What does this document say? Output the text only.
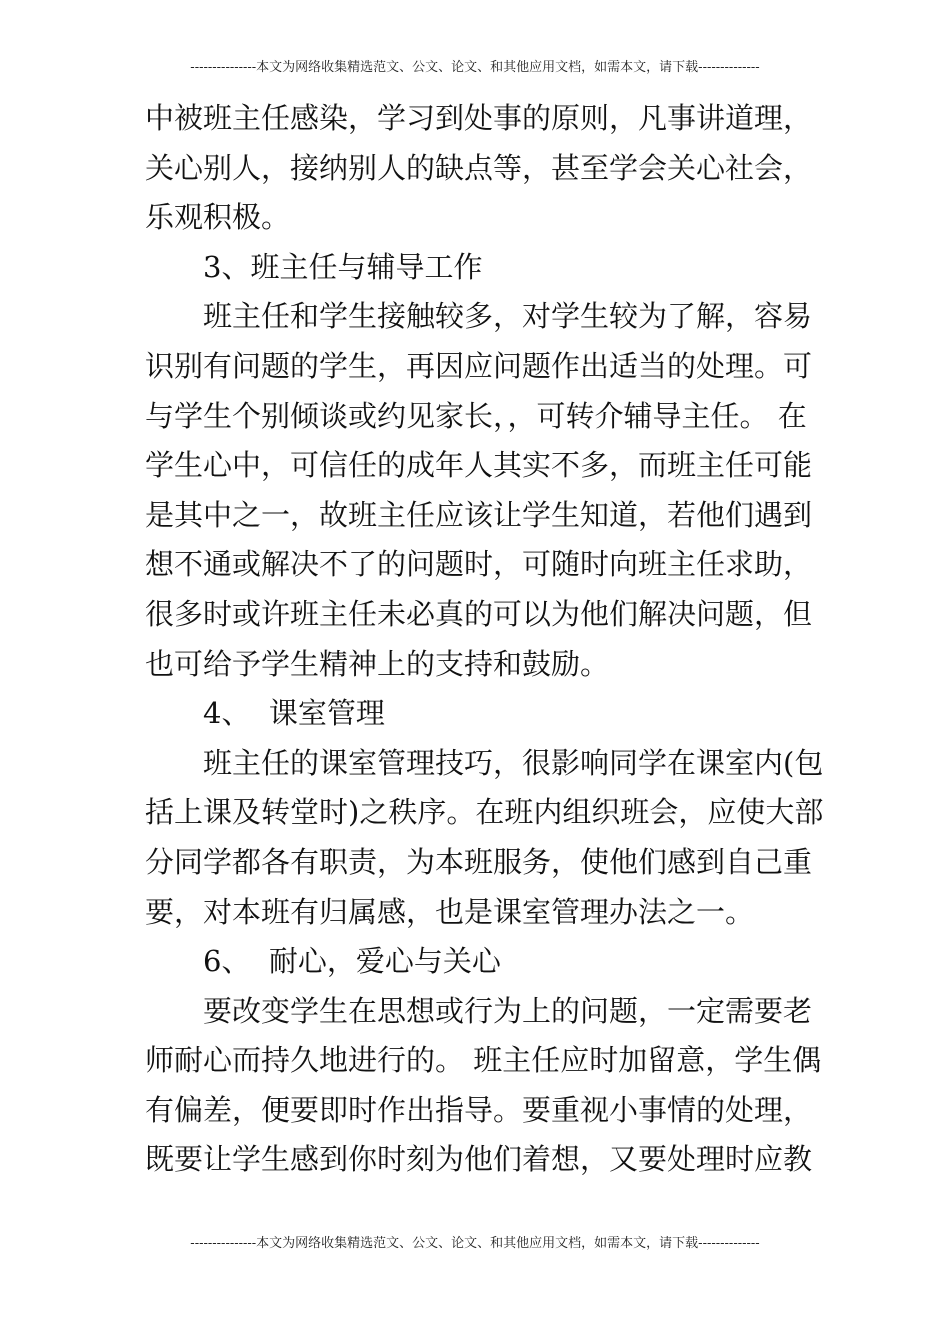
---------------本文为网络收集精选范文、公文、论文、和其他应用文档，如需本文，请下载--------------
中被班主任感染，学习到处事的原则，凡事讲道理，
关心别人，接纳别人的缺点等，甚至学会关心社会，
乐观积极。
3、班主任与辅导工作
　　班主任和学生接触较多，对学生较为了解，容易
识别有问题的学生，再因应问题作出适当的处理。可
与学生个别倾谈或约见家长，，可转介辅导主任。 在
学生心中，可信任的成年人其实不多，而班主任可能
是其中之一，故班主任应该让学生知道，若他们遇到
想不通或解决不了的问题时，可随时向班主任求助，
很多时或许班主任未必真的可以为他们解决问题，但
也可给予学生精神上的支持和鼓励。
4、  课室管理
　　班主任的课室管理技巧，很影响同学在课室内(包
括上课及转堂时)之秩序。在班内组织班会，应使大部
分同学都各有职责，为本班服务，使他们感到自己重
要，对本班有归属感，也是课室管理办法之一。
6、  耐心，爱心与关心
　　要改变学生在思想或行为上的问题，一定需要老
师耐心而持久地进行的。 班主任应时加留意，学生偶
有偏差，便要即时作出指导。要重视小事情的处理，
既要让学生感到你时刻为他们着想，又要处理时应教
---------------本文为网络收集精选范文、公文、论文、和其他应用文档，如需本文，请下载--------------
